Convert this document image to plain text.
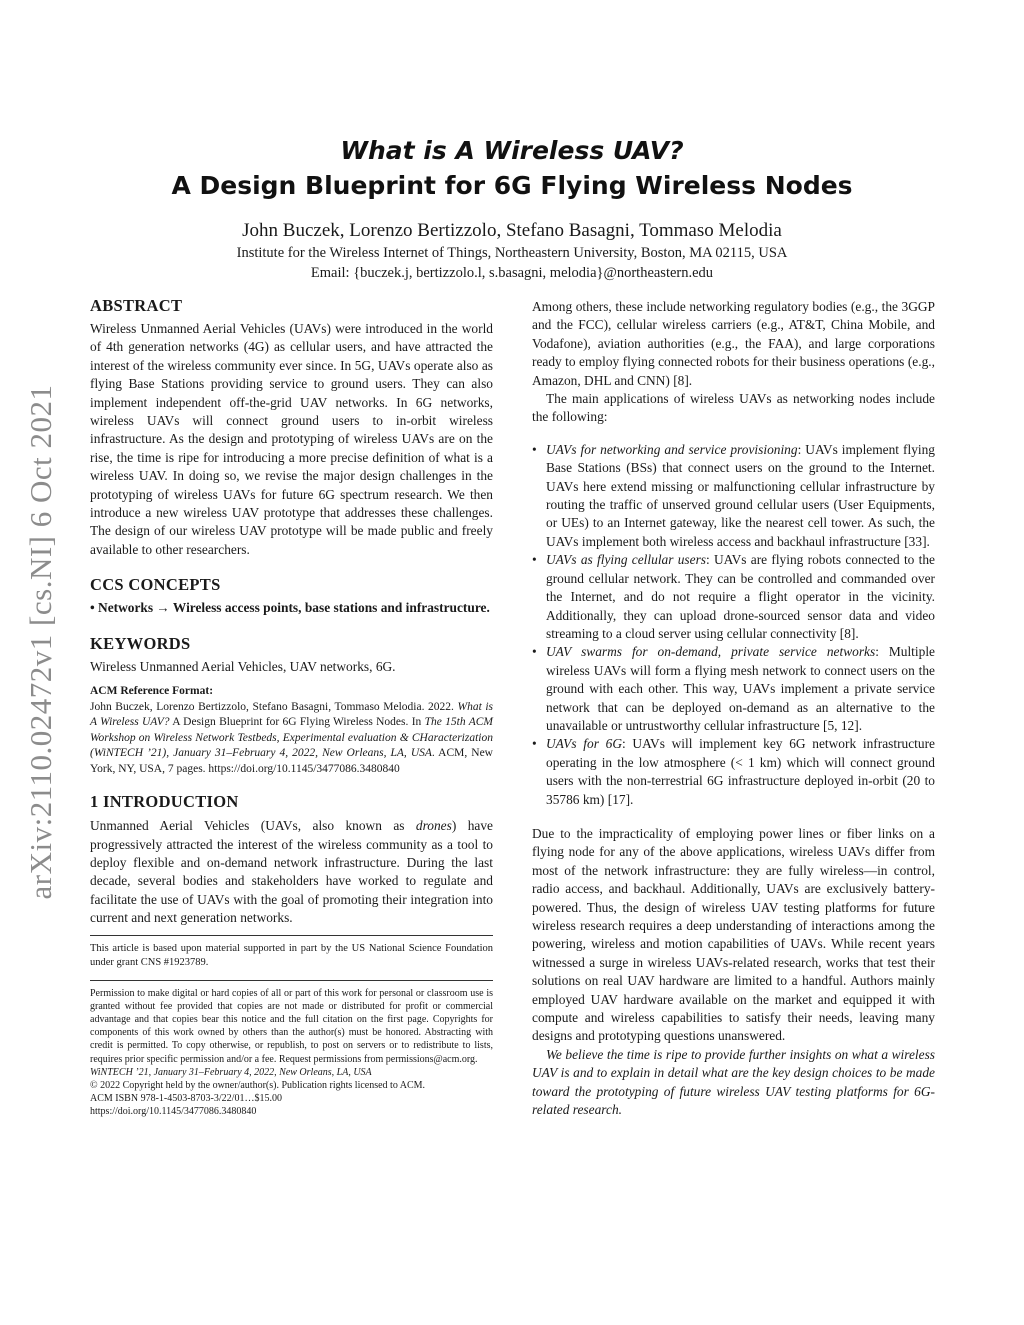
arXiv:2110.02472v1 [cs.NI] 6 Oct 2021
What is A Wireless UAV?
A Design Blueprint for 6G Flying Wireless Nodes
John Buczek, Lorenzo Bertizzolo, Stefano Basagni, Tommaso Melodia
Institute for the Wireless Internet of Things, Northeastern University, Boston, MA 02115, USA
Email: {buczek.j, bertizzolo.l, s.basagni, melodia}@northeastern.edu
ABSTRACT

Wireless Unmanned Aerial Vehicles (UAVs) were introduced in the world of 4th generation networks (4G) as cellular users, and have attracted the interest of the wireless community ever since. In 5G, UAVs operate also as flying Base Stations providing service to ground users. They can also implement independent off-the-grid UAV networks. In 6G networks, wireless UAVs will connect ground users to in-orbit wireless infrastructure. As the design and prototyping of wireless UAVs are on the rise, the time is ripe for introducing a more precise definition of what is a wireless UAV. In doing so, we revise the major design challenges in the prototyping of wireless UAVs for future 6G spectrum research. We then introduce a new wireless UAV prototype that addresses these challenges. The design of our wireless UAV prototype will be made public and freely available to other researchers.

CCS CONCEPTS

• Networks → Wireless access points, base stations and infrastructure.

KEYWORDS

Wireless Unmanned Aerial Vehicles, UAV networks, 6G.

ACM Reference Format:

John Buczek, Lorenzo Bertizzolo, Stefano Basagni, Tommaso Melodia. 2022. What is A Wireless UAV? A Design Blueprint for 6G Flying Wireless Nodes. In The 15th ACM Workshop on Wireless Network Testbeds, Experimental evaluation & CHaracterization (WiNTECH ’21), January 31–February 4, 2022, New Orleans, LA, USA. ACM, New York, NY, USA, 7 pages. https://doi.org/10.1145/3477086.3480840

1 INTRODUCTION

Unmanned Aerial Vehicles (UAVs, also known as drones) have progressively attracted the interest of the wireless community as a tool to deploy flexible and on-demand network infrastructure. During the last decade, several bodies and stakeholders have worked to regulate and facilitate the use of UAVs with the goal of promoting their integration into current and next generation networks.

This article is based upon material supported in part by the US National Science Foundation under grant CNS #1923789.

Permission to make digital or hard copies of all or part of this work for personal or classroom use is granted without fee provided that copies are not made or distributed for profit or commercial advantage and that copies bear this notice and the full citation on the first page. Copyrights for components of this work owned by others than the author(s) must be honored. Abstracting with credit is permitted. To copy otherwise, or republish, to post on servers or to redistribute to lists, requires prior specific permission and/or a fee. Request permissions from permissions@acm.org.

WiNTECH ’21, January 31–February 4, 2022, New Orleans, LA, USA

© 2022 Copyright held by the owner/author(s). Publication rights licensed to ACM.

ACM ISBN 978-1-4503-8703-3/22/01…$15.00

https://doi.org/10.1145/3477086.3480840

Among others, these include networking regulatory bodies (e.g., the 3GGP and the FCC), cellular wireless carriers (e.g., AT&T, China Mobile, and Vodafone), aviation authorities (e.g., the FAA), and large corporations ready to employ flying connected robots for their business operations (e.g., Amazon, DHL and CNN) [8].

The main applications of wireless UAVs as networking nodes include the following:

• UAVs for networking and service provisioning: UAVs implement flying Base Stations (BSs) that connect users on the ground to the Internet. UAVs here extend missing or malfunctioning cellular infrastructure by routing the traffic of unserved ground cellular users (User Equipments, or UEs) to an Internet gateway, like the nearest cell tower. As such, the UAVs implement both wireless access and backhaul infrastructure [33].
• UAVs as flying cellular users: UAVs are flying robots connected to the ground cellular network. They can be controlled and commanded over the Internet, and do not require a flight operator in the vicinity. Additionally, they can upload drone-sourced sensor data and video streaming to a cloud server using cellular connectivity [8].
• UAV swarms for on-demand, private service networks: Multiple wireless UAVs will form a flying mesh network to connect users on the ground with each other. This way, UAVs implement a private service network that can be deployed on-demand as an alternative to the unavailable or untrustworthy cellular infrastructure [5, 12].
• UAVs for 6G: UAVs will implement key 6G network infrastructure operating in the low atmosphere (< 1 km) which will connect ground users with the non-terrestrial 6G infrastructure deployed in-orbit (20 to 35786 km) [17].

Due to the impracticality of employing power lines or fiber links on a flying node for any of the above applications, wireless UAVs differ from most of the network infrastructure: they are fully wireless—in control, radio access, and backhaul. Additionally, UAVs are exclusively battery-powered. Thus, the design of wireless UAV testing platforms for future wireless research requires a deep understanding of interactions among the powering, wireless and motion capabilities of UAVs. While recent years witnessed a surge in wireless UAVs-related research, works that test their solutions on real UAV hardware are limited to a handful. Authors mainly employed UAV hardware available on the market and equipped it with compute and wireless capabilities to satisfy their needs, leaving many designs and prototyping questions unanswered.

We believe the time is ripe to provide further insights on what a wireless UAV is and to explain in detail what are the key design choices to be made toward the prototyping of future wireless UAV testing platforms for 6G-related research.
